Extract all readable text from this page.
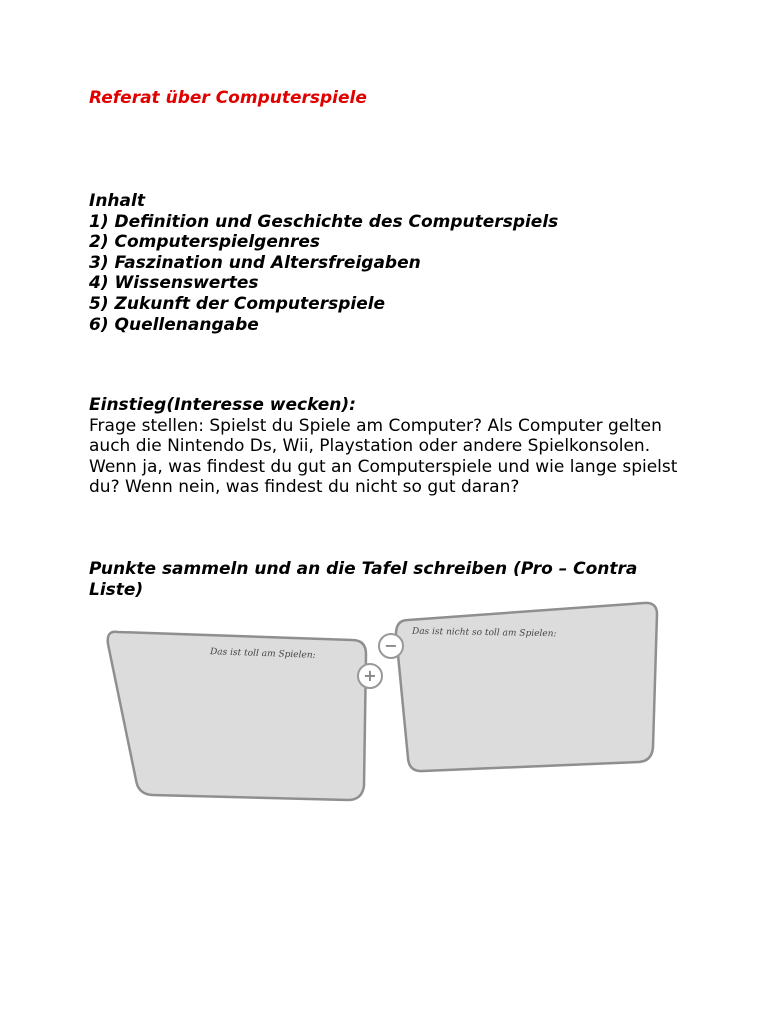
Referat über Computerspiele
Inhalt
1) Definition und Geschichte des Computerspiels
2) Computerspielgenres
3) Faszination und Altersfreigaben
4) Wissenswertes
5) Zukunft der Computerspiele
6) Quellenangabe
Einstieg(Interesse wecken):
Frage stellen: Spielst du Spiele am Computer? Als Computer gelten auch die Nintendo Ds, Wii, Playstation oder andere Spielkonsolen. Wenn ja, was findest du gut an Computerspiele und wie lange spielst du? Wenn nein, was findest du nicht so gut daran?
Punkte sammeln und an die Tafel schreiben (Pro – Contra Liste)
Das ist toll am Spielen:
Das ist nicht so toll am Spielen:
+
−
